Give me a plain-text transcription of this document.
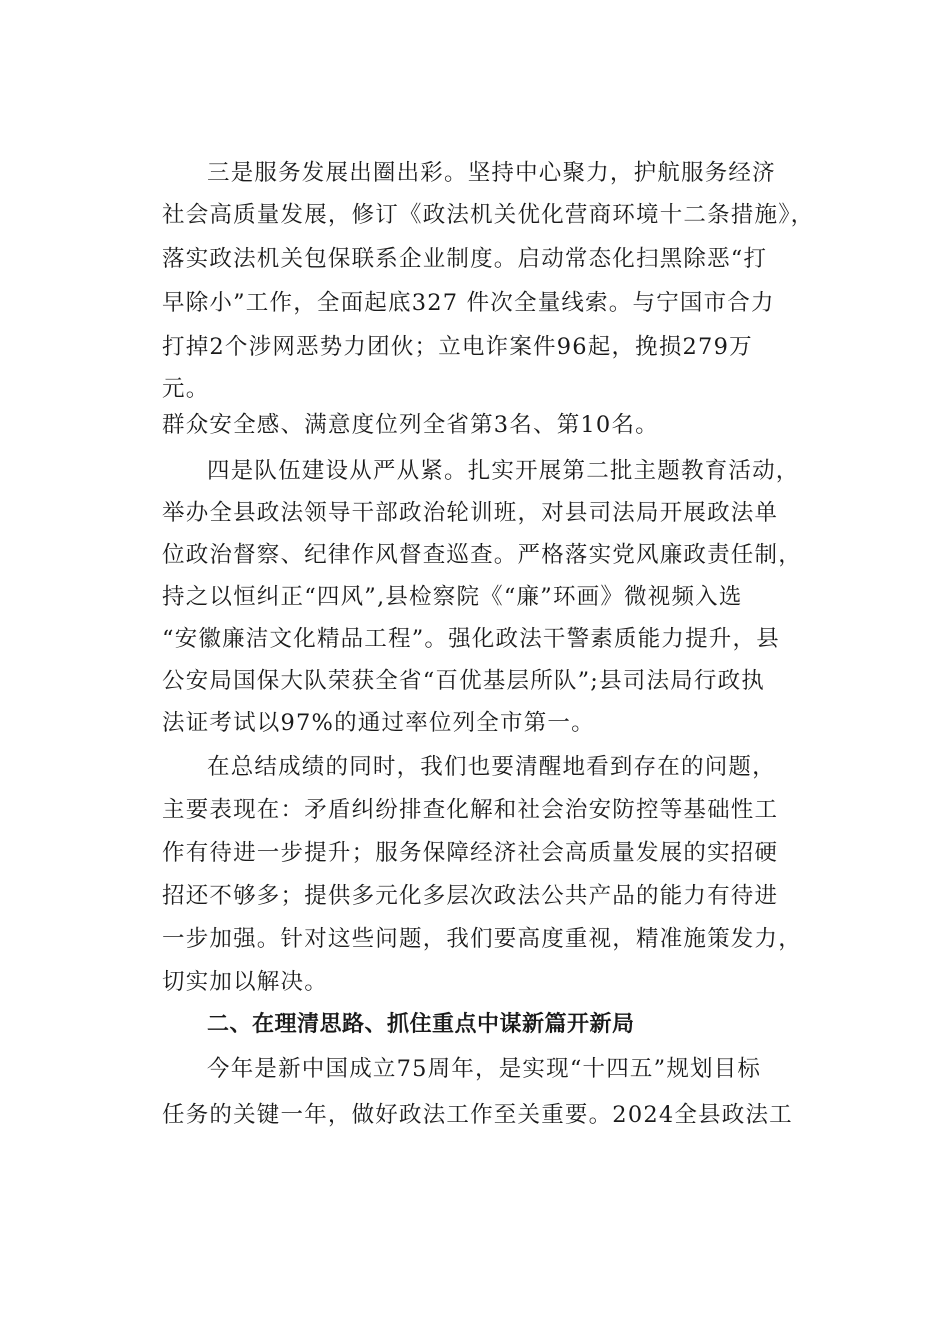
三是服务发展出圈出彩。坚持中心聚力，护航服务经济
社会高质量发展，修订《政法机关优化营商环境十二条措施》，
落实政法机关包保联系企业制度。启动常态化扫黑除恶“打
早除小”工作，全面起底327 件次全量线索。与宁国市合力
打掉2个涉网恶势力团伙；立电诈案件96起，挽损279万
元。
群众安全感、满意度位列全省第3名、第10名。
四是队伍建设从严从紧。扎实开展第二批主题教育活动，
举办全县政法领导干部政治轮训班，对县司法局开展政法单
位政治督察、纪律作风督查巡查。严格落实党风廉政责任制，
持之以恒纠正“四风”,县检察院《“廉”环画》微视频入选
“安徽廉洁文化精品工程”。强化政法干警素质能力提升，县
公安局国保大队荣获全省“百优基层所队”;县司法局行政执
法证考试以97%的通过率位列全市第一。
在总结成绩的同时，我们也要清醒地看到存在的问题，
主要表现在：矛盾纠纷排查化解和社会治安防控等基础性工
作有待进一步提升；服务保障经济社会高质量发展的实招硬
招还不够多；提供多元化多层次政法公共产品的能力有待进
一步加强。针对这些问题，我们要高度重视，精准施策发力，
切实加以解决。
二、在理清思路、抓住重点中谋新篇开新局
今年是新中国成立75周年，是实现“十四五”规划目标
任务的关键一年，做好政法工作至关重要。2024全县政法工
